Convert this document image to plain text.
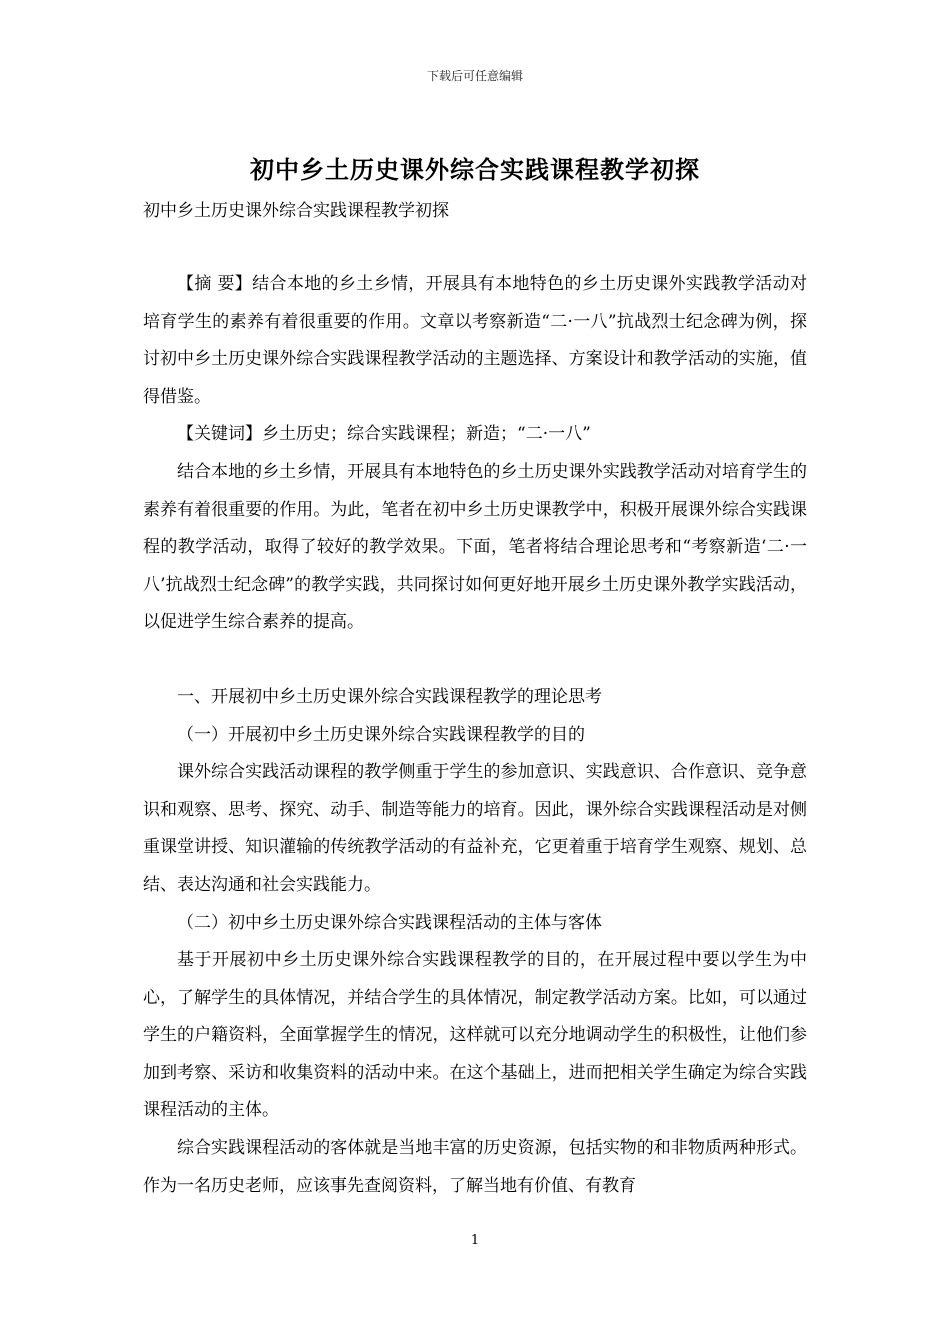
下载后可任意编辑
初中乡土历史课外综合实践课程教学初探
初中乡土历史课外综合实践课程教学初探

【摘 要】结合本地的乡土乡情，开展具有本地特色的乡土历史课外实践教学活动对培育学生的素养有着很重要的作用。文章以考察新造“二·一八”抗战烈士纪念碑为例，探讨初中乡土历史课外综合实践课程教学活动的主题选择、方案设计和教学活动的实施，值得借鉴。

【关键词】乡土历史；综合实践课程；新造；“二·一八”

结合本地的乡土乡情，开展具有本地特色的乡土历史课外实践教学活动对培育学生的素养有着很重要的作用。为此，笔者在初中乡土历史课教学中，积极开展课外综合实践课程的教学活动，取得了较好的教学效果。下面，笔者将结合理论思考和“考察新造‘二·一八’抗战烈士纪念碑”的教学实践，共同探讨如何更好地开展乡土历史课外教学实践活动，以促进学生综合素养的提高。

一、开展初中乡土历史课外综合实践课程教学的理论思考

（一）开展初中乡土历史课外综合实践课程教学的目的

课外综合实践活动课程的教学侧重于学生的参加意识、实践意识、合作意识、竞争意识和观察、思考、探究、动手、制造等能力的培育。因此，课外综合实践课程活动是对侧重课堂讲授、知识灌输的传统教学活动的有益补充，它更着重于培育学生观察、规划、总结、表达沟通和社会实践能力。

（二）初中乡土历史课外综合实践课程活动的主体与客体

基于开展初中乡土历史课外综合实践课程教学的目的，在开展过程中要以学生为中心，了解学生的具体情况，并结合学生的具体情况，制定教学活动方案。比如，可以通过学生的户籍资料，全面掌握学生的情况，这样就可以充分地调动学生的积极性，让他们参加到考察、采访和收集资料的活动中来。在这个基础上，进而把相关学生确定为综合实践课程活动的主体。

综合实践课程活动的客体就是当地丰富的历史资源，包括实物的和非物质两种形式。作为一名历史老师，应该事先查阅资料，了解当地有价值、有教育

1
